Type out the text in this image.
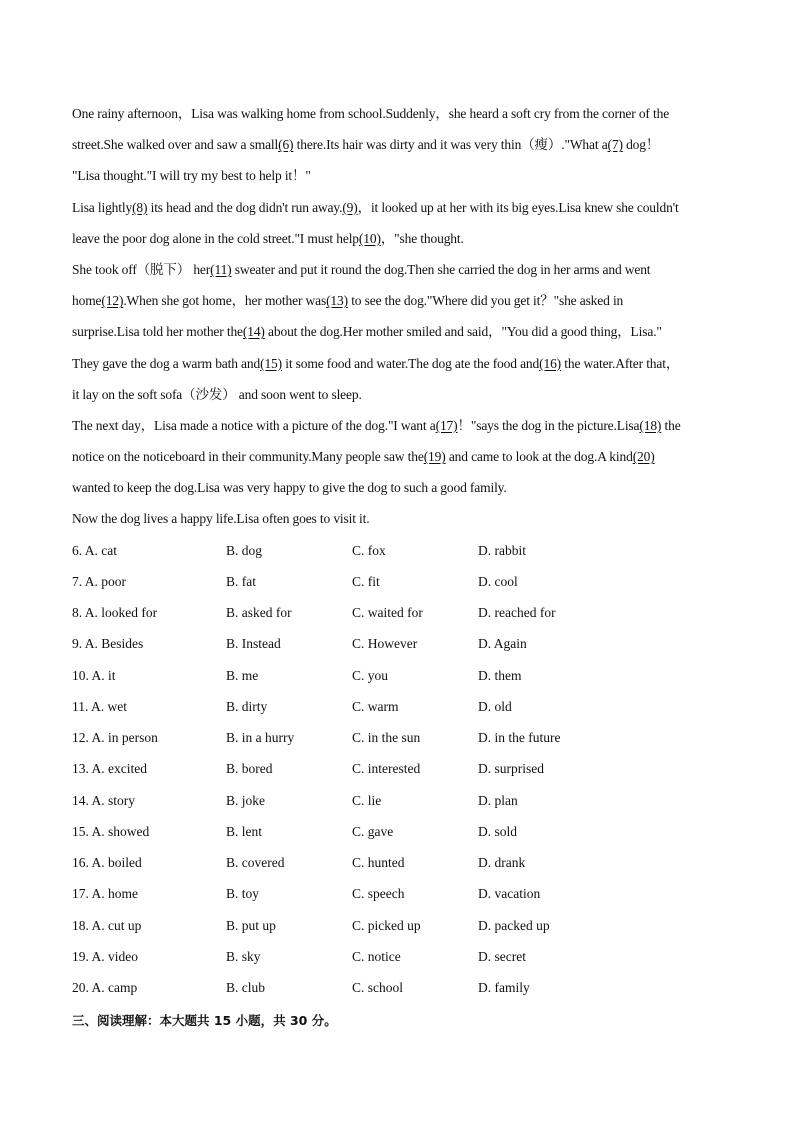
One rainy afternoon，Lisa was walking home from school.Suddenly，she heard a soft cry from the corner of the
street.She walked over and saw a small(6) there.Its hair was dirty and it was very thin（瘦）."What a(7) dog！
"Lisa thought."I will try my best to help it！"
Lisa lightly(8) its head and the dog didn't run away.(9)，it looked up at her with its big eyes.Lisa knew she couldn't
leave the poor dog alone in the cold street."I must help(10)，"she thought.
She took off（脱下） her(11) sweater and put it round the dog.Then she carried the dog in her arms and went
home(12).When she got home，her mother was(13) to see the dog."Where did you get it？"she asked in
surprise.Lisa told her mother the(14) about the dog.Her mother smiled and said，"You did a good thing，Lisa."
They gave the dog a warm bath and(15) it some food and water.The dog ate the food and(16) the water.After that，
it lay on the soft sofa（沙发） and soon went to sleep.
The next day，Lisa made a notice with a picture of the dog."I want a(17)！"says the dog in the picture.Lisa(18) the
notice on the noticeboard in their community.Many people saw the(19) and came to look at the dog.A kind(20)
wanted to keep the dog.Lisa was very happy to give the dog to such a good family.
Now the dog lives a happy life.Lisa often goes to visit it.
6. A. cat	B. dog	C. fox	D. rabbit
7. A. poor	B. fat	C. fit	D. cool
8. A. looked for	B. asked for	C. waited for	D. reached for
9. A. Besides	B. Instead	C. However	D. Again
10. A. it	B. me	C. you	D. them
11. A. wet	B. dirty	C. warm	D. old
12. A. in person	B. in a hurry	C. in the sun	D. in the future
13. A. excited	B. bored	C. interested	D. surprised
14. A. story	B. joke	C. lie	D. plan
15. A. showed	B. lent	C. gave	D. sold
16. A. boiled	B. covered	C. hunted	D. drank
17. A. home	B. toy	C. speech	D. vacation
18. A. cut up	B. put up	C. picked up	D. packed up
19. A. video	B. sky	C. notice	D. secret
20. A. camp	B. club	C. school	D. family
三、阅读理解：本大题共 15 小题，共 30 分。
